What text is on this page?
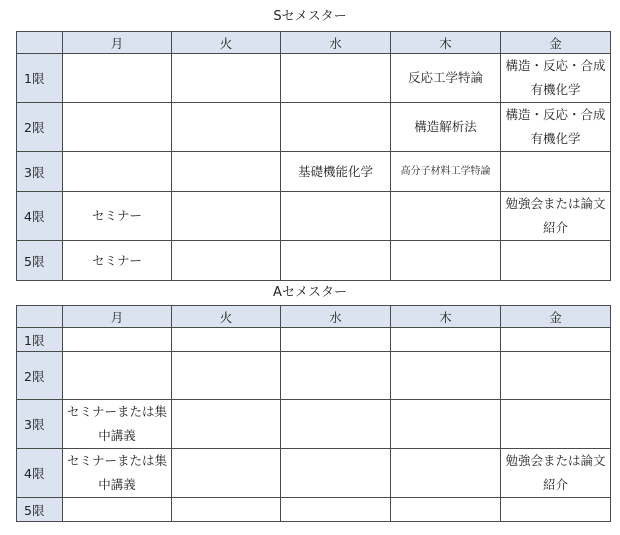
Sセメスター
	月	火	水	木	金
1限				反応工学特論	構造・反応・合成有機化学
2限				構造解析法	構造・反応・合成有機化学
3限			基礎機能化学	高分子材料工学特論	
4限	セミナー				勉強会または論文紹介
5限	セミナー				
Aセメスター
	月	火	水	木	金
1限					
2限					
3限	セミナーまたは集中講義				
4限	セミナーまたは集中講義				勉強会または論文紹介
5限					
